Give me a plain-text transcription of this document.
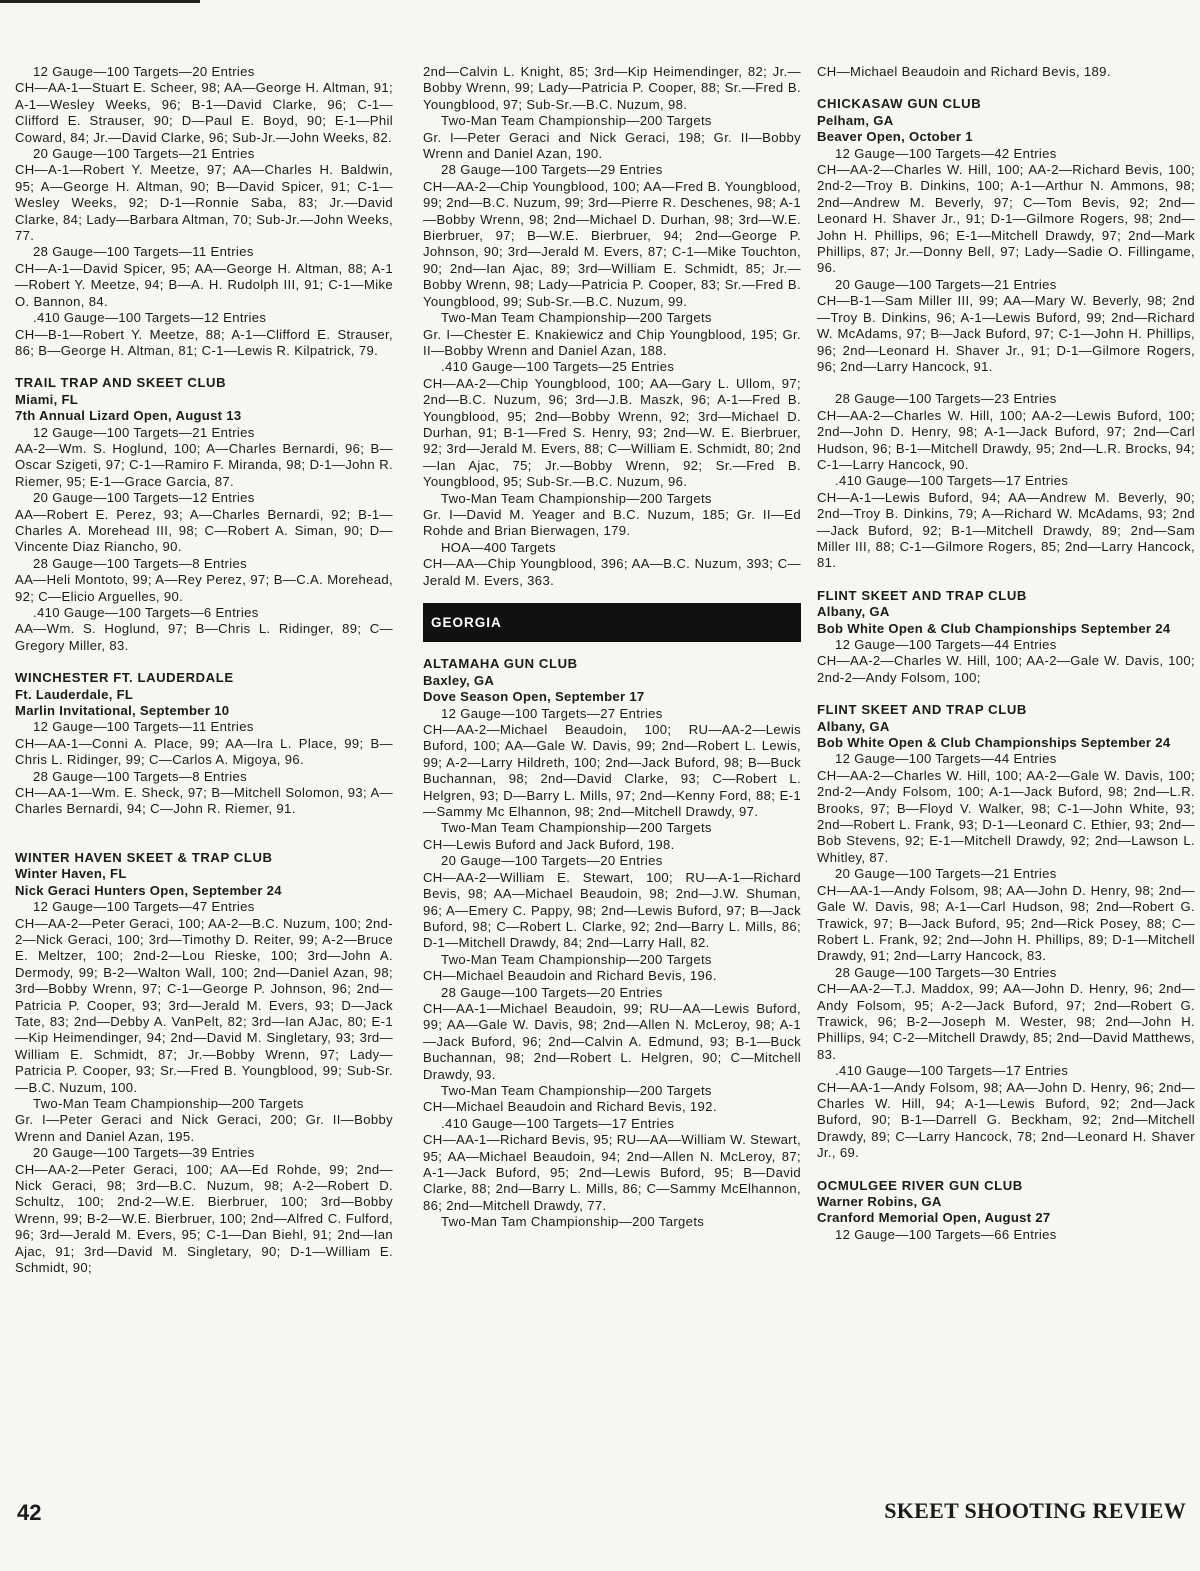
12 Gauge—100 Targets—20 Entries

CH—AA-1—Stuart E. Scheer, 98; AA—George H. Altman, 91; A-1—Wesley Weeks, 96; B-1—David Clarke, 96; C-1—Clifford E. Strauser, 90; D—Paul E. Boyd, 90; E-1—Phil Coward, 84; Jr.—David Clarke, 96; Sub-Jr.—John Weeks, 82.

20 Gauge—100 Targets—21 Entries

CH—A-1—Robert Y. Meetze, 97; AA—Charles H. Baldwin, 95; A—George H. Altman, 90; B—David Spicer, 91; C-1—Wesley Weeks, 92; D-1—Ronnie Saba, 83; Jr.—David Clarke, 84; Lady—Barbara Altman, 70; Sub-Jr.—John Weeks, 77.

28 Gauge—100 Targets—11 Entries

CH—A-1—David Spicer, 95; AA—George H. Altman, 88; A-1—Robert Y. Meetze, 94; B—A. H. Rudolph III, 91; C-1—Mike O. Bannon, 84.

.410 Gauge—100 Targets—12 Entries

CH—B-1—Robert Y. Meetze, 88; A-1—Clifford E. Strauser, 86; B—George H. Altman, 81; C-1—Lewis R. Kilpatrick, 79.

TRAIL TRAP AND SKEET CLUB

Miami, FL

7th Annual Lizard Open, August 13

12 Gauge—100 Targets—21 Entries

AA-2—Wm. S. Hoglund, 100; A—Charles Bernardi, 96; B—Oscar Szigeti, 97; C-1—Ramiro F. Miranda, 98; D-1—John R. Riemer, 95; E-1—Grace Garcia, 87.

20 Gauge—100 Targets—12 Entries

AA—Robert E. Perez, 93; A—Charles Bernardi, 92; B-1—Charles A. Morehead III, 98; C—Robert A. Siman, 90; D—Vincente Diaz Riancho, 90.

28 Gauge—100 Targets—8 Entries

AA—Heli Montoto, 99; A—Rey Perez, 97; B—C.A. Morehead, 92; C—Elicio Arguelles, 90.

.410 Gauge—100 Targets—6 Entries

AA—Wm. S. Hoglund, 97; B—Chris L. Ridinger, 89; C—Gregory Miller, 83.

WINCHESTER FT. LAUDERDALE

Ft. Lauderdale, FL

Marlin Invitational, September 10

12 Gauge—100 Targets—11 Entries

CH—AA-1—Conni A. Place, 99; AA—Ira L. Place, 99; B—Chris L. Ridinger, 99; C—Carlos A. Migoya, 96.

28 Gauge—100 Targets—8 Entries

CH—AA-1—Wm. E. Sheck, 97; B—Mitchell Solomon, 93; A—Charles Bernardi, 94; C—John R. Riemer, 91.

WINTER HAVEN SKEET & TRAP CLUB

Winter Haven, FL

Nick Geraci Hunters Open, September 24

12 Gauge—100 Targets—47 Entries

CH—AA-2—Peter Geraci, 100; AA-2—B.C. Nuzum, 100; 2nd-2—Nick Geraci, 100; 3rd—Timothy D. Reiter, 99; A-2—Bruce E. Meltzer, 100; 2nd-2—Lou Rieske, 100; 3rd—John A. Dermody, 99; B-2—Walton Wall, 100; 2nd—Daniel Azan, 98; 3rd—Bobby Wrenn, 97; C-1—George P. Johnson, 96; 2nd—Patricia P. Cooper, 93; 3rd—Jerald M. Evers, 93; D—Jack Tate, 83; 2nd—Debby A. VanPelt, 82; 3rd—Ian AJac, 80; E-1—Kip Heimendinger, 94; 2nd—David M. Singletary, 93; 3rd—William E. Schmidt, 87; Jr.—Bobby Wrenn, 97; Lady—Patricia P. Cooper, 93; Sr.—Fred B. Youngblood, 99; Sub-Sr.—B.C. Nuzum, 100.

Two-Man Team Championship—200 Targets

Gr. I—Peter Geraci and Nick Geraci, 200; Gr. II—Bobby Wrenn and Daniel Azan, 195.

20 Gauge—100 Targets—39 Entries

CH—AA-2—Peter Geraci, 100; AA—Ed Rohde, 99; 2nd—Nick Geraci, 98; 3rd—B.C. Nuzum, 98; A-2—Robert D. Schultz, 100; 2nd-2—W.E. Bierbruer, 100; 3rd—Bobby Wrenn, 99; B-2—W.E. Bierbruer, 100; 2nd—Alfred C. Fulford, 96; 3rd—Jerald M. Evers, 95; C-1—Dan Biehl, 91; 2nd—Ian Ajac, 91; 3rd—David M. Singletary, 90; D-1—William E. Schmidt, 90;

2nd—Calvin L. Knight, 85; 3rd—Kip Heimendinger, 82; Jr.—Bobby Wrenn, 99; Lady—Patricia P. Cooper, 88; Sr.—Fred B. Youngblood, 97; Sub-Sr.—B.C. Nuzum, 98.

Two-Man Team Championship—200 Targets

Gr. I—Peter Geraci and Nick Geraci, 198; Gr. II—Bobby Wrenn and Daniel Azan, 190.

28 Gauge—100 Targets—29 Entries

CH—AA-2—Chip Youngblood, 100; AA—Fred B. Youngblood, 99; 2nd—B.C. Nuzum, 99; 3rd—Pierre R. Deschenes, 98; A-1—Bobby Wrenn, 98; 2nd—Michael D. Durhan, 98; 3rd—W.E. Bierbruer, 97; B—W.E. Bierbruer, 94; 2nd—George P. Johnson, 90; 3rd—Jerald M. Evers, 87; C-1—Mike Touchton, 90; 2nd—Ian Ajac, 89; 3rd—William E. Schmidt, 85; Jr.—Bobby Wrenn, 98; Lady—Patricia P. Cooper, 83; Sr.—Fred B. Youngblood, 99; Sub-Sr.—B.C. Nuzum, 99.

Two-Man Team Championship—200 Targets

Gr. I—Chester E. Knakiewicz and Chip Youngblood, 195; Gr. II—Bobby Wrenn and Daniel Azan, 188.

.410 Gauge—100 Targets—25 Entries

CH—AA-2—Chip Youngblood, 100; AA—Gary L. Ullom, 97; 2nd—B.C. Nuzum, 96; 3rd—J.B. Maszk, 96; A-1—Fred B. Youngblood, 95; 2nd—Bobby Wrenn, 92; 3rd—Michael D. Durhan, 91; B-1—Fred S. Henry, 93; 2nd—W. E. Bierbruer, 92; 3rd—Jerald M. Evers, 88; C—William E. Schmidt, 80; 2nd—Ian Ajac, 75; Jr.—Bobby Wrenn, 92; Sr.—Fred B. Youngblood, 95; Sub-Sr.—B.C. Nuzum, 96.

Two-Man Team Championship—200 Targets

Gr. I—David M. Yeager and B.C. Nuzum, 185; Gr. II—Ed Rohde and Brian Bierwagen, 179.

HOA—400 Targets

CH—AA—Chip Youngblood, 396; AA—B.C. Nuzum, 393; C—Jerald M. Evers, 363.

GEORGIA

ALTAMAHA GUN CLUB

Baxley, GA

Dove Season Open, September 17

12 Gauge—100 Targets—27 Entries

CH—AA-2—Michael Beaudoin, 100; RU—AA-2—Lewis Buford, 100; AA—Gale W. Davis, 99; 2nd—Robert L. Lewis, 99; A-2—Larry Hildreth, 100; 2nd—Jack Buford, 98; B—Buck Buchannan, 98; 2nd—David Clarke, 93; C—Robert L. Helgren, 93; D—Barry L. Mills, 97; 2nd—Kenny Ford, 88; E-1—Sammy Mc Elhannon, 98; 2nd—Mitchell Drawdy, 97.

Two-Man Team Championship—200 Targets

CH—Lewis Buford and Jack Buford, 198.

20 Gauge—100 Targets—20 Entries

CH—AA-2—William E. Stewart, 100; RU—A-1—Richard Bevis, 98; AA—Michael Beaudoin, 98; 2nd—J.W. Shuman, 96; A—Emery C. Pappy, 98; 2nd—Lewis Buford, 97; B—Jack Buford, 98; C—Robert L. Clarke, 92; 2nd—Barry L. Mills, 86; D-1—Mitchell Drawdy, 84; 2nd—Larry Hall, 82.

Two-Man Team Championship—200 Targets

CH—Michael Beaudoin and Richard Bevis, 196.

28 Gauge—100 Targets—20 Entries

CH—AA-1—Michael Beaudoin, 99; RU—AA—Lewis Buford, 99; AA—Gale W. Davis, 98; 2nd—Allen N. McLeroy, 98; A-1—Jack Buford, 96; 2nd—Calvin A. Edmund, 93; B-1—Buck Buchannan, 98; 2nd—Robert L. Helgren, 90; C—Mitchell Drawdy, 93.

Two-Man Team Championship—200 Targets

CH—Michael Beaudoin and Richard Bevis, 192.

.410 Gauge—100 Targets—17 Entries

CH—AA-1—Richard Bevis, 95; RU—AA—William W. Stewart, 95; AA—Michael Beaudoin, 94; 2nd—Allen N. McLeroy, 87; A-1—Jack Buford, 95; 2nd—Lewis Buford, 95; B—David Clarke, 88; 2nd—Barry L. Mills, 86; C—Sammy McElhannon, 86; 2nd—Mitchell Drawdy, 77.

Two-Man Tam Championship—200 Targets

CH—Michael Beaudoin and Richard Bevis, 189.

CHICKASAW GUN CLUB

Pelham, GA

Beaver Open, October 1

12 Gauge—100 Targets—42 Entries

CH—AA-2—Charles W. Hill, 100; AA-2—Richard Bevis, 100; 2nd-2—Troy B. Dinkins, 100; A-1—Arthur N. Ammons, 98; 2nd—Andrew M. Beverly, 97; C—Tom Bevis, 92; 2nd—Leonard H. Shaver Jr., 91; D-1—Gilmore Rogers, 98; 2nd—John H. Phillips, 96; E-1—Mitchell Drawdy, 97; 2nd—Mark Phillips, 87; Jr.—Donny Bell, 97; Lady—Sadie O. Fillingame, 96.

20 Gauge—100 Targets—21 Entries

CH—B-1—Sam Miller III, 99; AA—Mary W. Beverly, 98; 2nd—Troy B. Dinkins, 96; A-1—Lewis Buford, 99; 2nd—Richard W. McAdams, 97; B—Jack Buford, 97; C-1—John H. Phillips, 96; 2nd—Leonard H. Shaver Jr., 91; D-1—Gilmore Rogers, 96; 2nd—Larry Hancock, 91.

28 Gauge—100 Targets—23 Entries

CH—AA-2—Charles W. Hill, 100; AA-2—Lewis Buford, 100; 2nd—John D. Henry, 98; A-1—Jack Buford, 97; 2nd—Carl Hudson, 96; B-1—Mitchell Drawdy, 95; 2nd—L.R. Brocks, 94; C-1—Larry Hancock, 90.

.410 Gauge—100 Targets—17 Entries

CH—A-1—Lewis Buford, 94; AA—Andrew M. Beverly, 90; 2nd—Troy B. Dinkins, 79; A—Richard W. McAdams, 93; 2nd—Jack Buford, 92; B-1—Mitchell Drawdy, 89; 2nd—Sam Miller III, 88; C-1—Gilmore Rogers, 85; 2nd—Larry Hancock, 81.

FLINT SKEET AND TRAP CLUB

Albany, GA

Bob White Open & Club Championships September 24

12 Gauge—100 Targets—44 Entries

CH—AA-2—Charles W. Hill, 100; AA-2—Gale W. Davis, 100; 2nd-2—Andy Folsom, 100;

FLINT SKEET AND TRAP CLUB

Albany, GA

Bob White Open & Club Championships September 24

12 Gauge—100 Targets—44 Entries

CH—AA-2—Charles W. Hill, 100; AA-2—Gale W. Davis, 100; 2nd-2—Andy Folsom, 100; A-1—Jack Buford, 98; 2nd—L.R. Brooks, 97; B—Floyd V. Walker, 98; C-1—John White, 93; 2nd—Robert L. Frank, 93; D-1—Leonard C. Ethier, 93; 2nd—Bob Stevens, 92; E-1—Mitchell Drawdy, 92; 2nd—Lawson L. Whitley, 87.

20 Gauge—100 Targets—21 Entries

CH—AA-1—Andy Folsom, 98; AA—John D. Henry, 98; 2nd—Gale W. Davis, 98; A-1—Carl Hudson, 98; 2nd—Robert G. Trawick, 97; B—Jack Buford, 95; 2nd—Rick Posey, 88; C—Robert L. Frank, 92; 2nd—John H. Phillips, 89; D-1—Mitchell Drawdy, 91; 2nd—Larry Hancock, 83.

28 Gauge—100 Targets—30 Entries

CH—AA-2—T.J. Maddox, 99; AA—John D. Henry, 96; 2nd—Andy Folsom, 95; A-2—Jack Buford, 97; 2nd—Robert G. Trawick, 96; B-2—Joseph M. Wester, 98; 2nd—John H. Phillips, 94; C-2—Mitchell Drawdy, 85; 2nd—David Matthews, 83.

.410 Gauge—100 Targets—17 Entries

CH—AA-1—Andy Folsom, 98; AA—John D. Henry, 96; 2nd—Charles W. Hill, 94; A-1—Lewis Buford, 92; 2nd—Jack Buford, 90; B-1—Darrell G. Beckham, 92; 2nd—Mitchell Drawdy, 89; C—Larry Hancock, 78; 2nd—Leonard H. Shaver Jr., 69.

OCMULGEE RIVER GUN CLUB

Warner Robins, GA

Cranford Memorial Open, August 27

12 Gauge—100 Targets—66 Entries

42	SKEET SHOOTING REVIEW
